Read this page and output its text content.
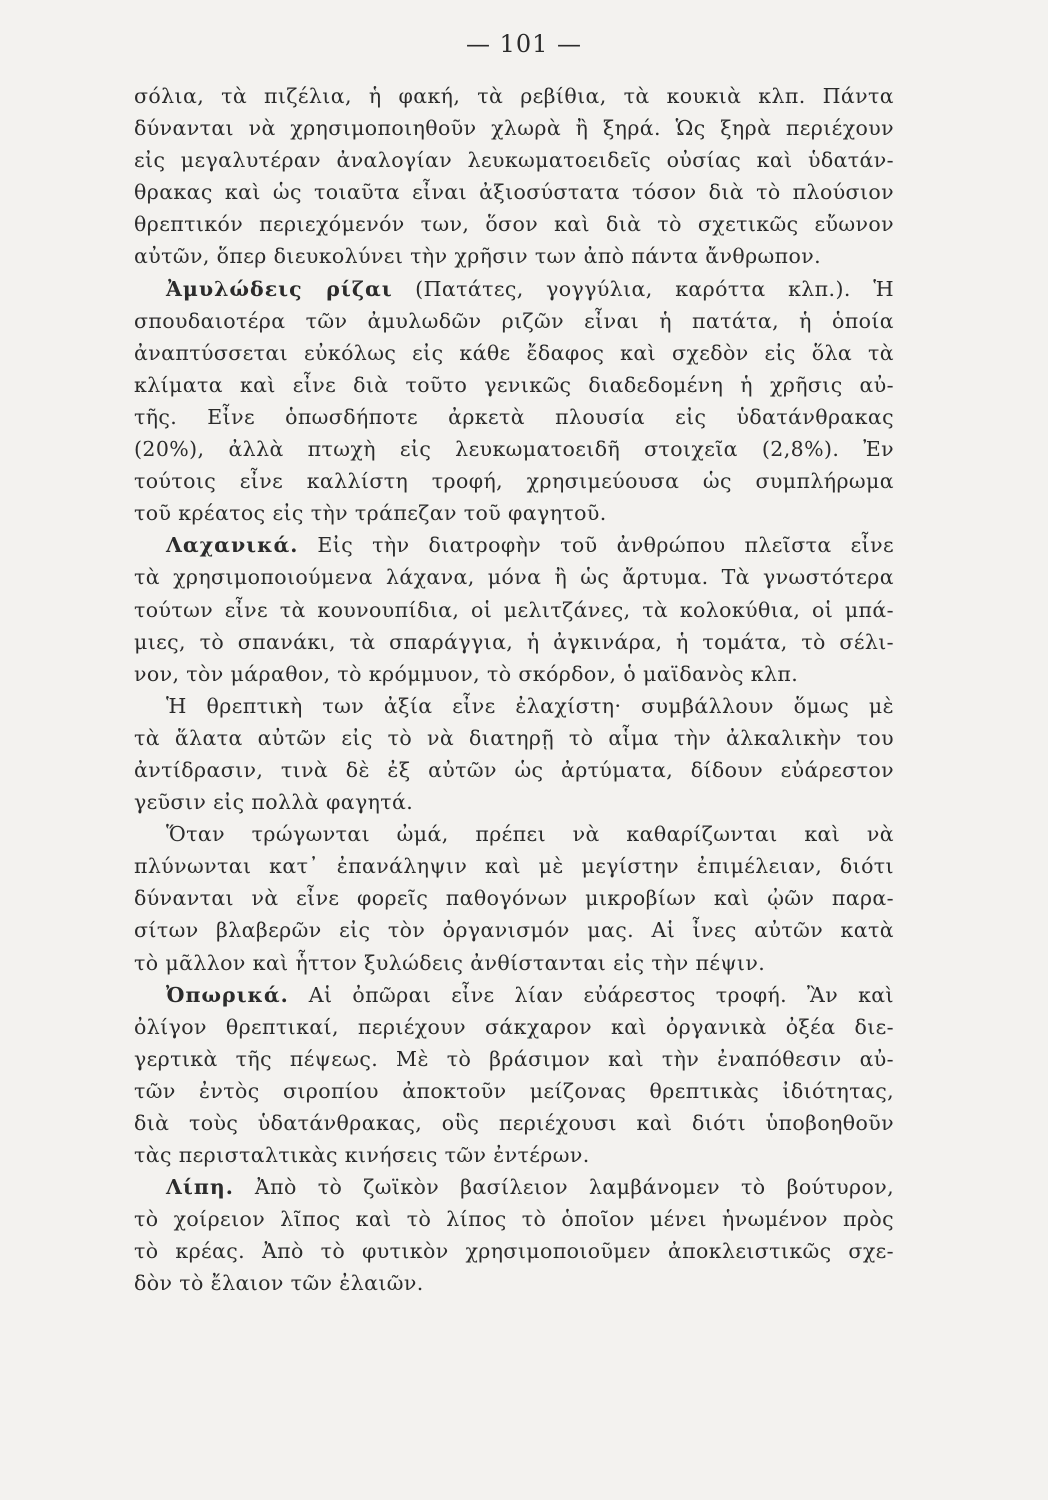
— 101 —
σόλια, τὰ πιζέλια, ἡ φακή, τὰ ρεβίθια, τὰ κουκιὰ κλπ. Πάντα
δύνανται νὰ χρησιμοποιηθοῦν χλωρὰ ἢ ξηρά. Ὡς ξηρὰ περιέχουν
εἰς μεγαλυτέραν ἀναλογίαν λευκωματοειδεῖς οὐσίας καὶ ὑδατάν-
θρακας καὶ ὡς τοιαῦτα εἶναι ἀξιοσύστατα τόσον διὰ τὸ πλούσιον
θρεπτικόν περιεχόμενόν των, ὅσον καὶ διὰ τὸ σχετικῶς εὔωνον
αὐτῶν, ὅπερ διευκολύνει τὴν χρῆσιν των ἀπὸ πάντα ἄνθρωπον.
Ἀμυλώδεις ρίζαι (Πατάτες, γογγύλια, καρόττα κλπ.). Ἡ
σπουδαιοτέρα τῶν ἀμυλωδῶν ριζῶν εἶναι ἡ πατάτα, ἡ ὁποία
ἀναπτύσσεται εὐκόλως εἰς κάθε ἔδαφος καὶ σχεδὸν εἰς ὅλα τὰ
κλίματα καὶ εἶνε διὰ τοῦτο γενικῶς διαδεδομένη ἡ χρῆσις αὐ-
τῆς. Εἶνε ὁπωσδήποτε ἀρκετὰ πλουσία εἰς ὑδατάνθρακας
(20%), ἀλλὰ πτωχὴ εἰς λευκωματοειδῆ στοιχεῖα (2,8%). Ἐν
τούτοις εἶνε καλλίστη τροφή, χρησιμεύουσα ὡς συμπλήρωμα
τοῦ κρέατος εἰς τὴν τράπεζαν τοῦ φαγητοῦ.
Λαχανικά. Εἰς τὴν διατροφὴν τοῦ ἀνθρώπου πλεῖστα εἶνε
τὰ χρησιμοποιούμενα λάχανα, μόνα ἢ ὡς ἄρτυμα. Τὰ γνωστότερα
τούτων εἶνε τὰ κουνουπίδια, οἱ μελιτζάνες, τὰ κολοκύθια, οἱ μπά-
μιες, τὸ σπανάκι, τὰ σπαράγγια, ἡ ἀγκινάρα, ἡ τομάτα, τὸ σέλι-
νον, τὸν μάραθον, τὸ κρόμμυον, τὸ σκόρδον, ὁ μαϊδανὸς κλπ.
Ἡ θρεπτικὴ των ἀξία εἶνε ἐλαχίστη· συμβάλλουν ὅμως μὲ
τὰ ἅλατα αὐτῶν εἰς τὸ νὰ διατηρῇ τὸ αἷμα τὴν ἀλκαλικὴν του
ἀντίδρασιν, τινὰ δὲ ἐξ αὐτῶν ὡς ἀρτύματα, δίδουν εὐάρεστον
γεῦσιν εἰς πολλὰ φαγητά.
Ὅταν τρώγωνται ὠμά, πρέπει νὰ καθαρίζωνται καὶ νὰ
πλύνωνται κατ᾿ ἐπανάληψιν καὶ μὲ μεγίστην ἐπιμέλειαν, διότι
δύνανται νὰ εἶνε φορεῖς παθογόνων μικροβίων καὶ ᾠῶν παρα-
σίτων βλαβερῶν εἰς τὸν ὀργανισμόν μας. Αἱ ἶνες αὐτῶν κατὰ
τὸ μᾶλλον καὶ ἧττον ξυλώδεις ἀνθίστανται εἰς τὴν πέψιν.
Ὀπωρικά. Αἱ ὀπῶραι εἶνε λίαν εὐάρεστος τροφή. Ἂν καὶ
ὀλίγον θρεπτικαί, περιέχουν σάκχαρον καὶ ὀργανικὰ ὀξέα διε-
γερτικὰ τῆς πέψεως. Μὲ τὸ βράσιμον καὶ τὴν ἐναπόθεσιν αὐ-
τῶν ἐντὸς σιροπίου ἀποκτοῦν μείζονας θρεπτικὰς ἰδιότητας,
διὰ τοὺς ὑδατάνθρακας, οὓς περιέχουσι καὶ διότι ὑποβοηθοῦν
τὰς περισταλτικὰς κινήσεις τῶν ἐντέρων.
Λίπη. Ἀπὸ τὸ ζωϊκὸν βασίλειον λαμβάνομεν τὸ βούτυρον,
τὸ χοίρειον λῖπος καὶ τὸ λίπος τὸ ὁποῖον μένει ἡνωμένον πρὸς
τὸ κρέας. Ἀπὸ τὸ φυτικὸν χρησιμοποιοῦμεν ἀποκλειστικῶς σχε-
δὸν τὸ ἔλαιον τῶν ἐλαιῶν.
